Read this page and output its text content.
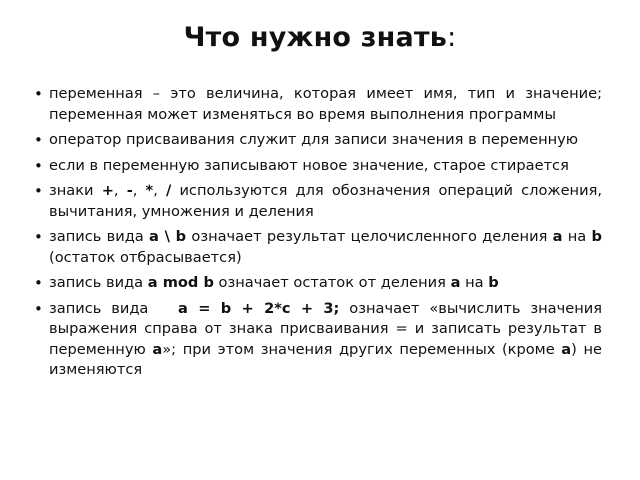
Что нужно знать:
• переменная – это величина, которая имеет имя, тип и значение; переменная может изменяться во время выполнения программы
• оператор присваивания служит для записи значения в переменную
• если в переменную записывают новое значение, старое стирается
• знаки +, -, *, / используются для обозначения операций сложения, вычитания, умножения и деления
• запись вида a \ b означает результат целочисленного деления a на b (остаток отбрасывается)
• запись вида a mod b означает остаток от деления a на b
• запись вида   a = b + 2*c + 3; означает «вычислить значения выражения справа от знака присваивания = и записать результат в переменную a»; при этом значения других переменных (кроме a) не изменяются
